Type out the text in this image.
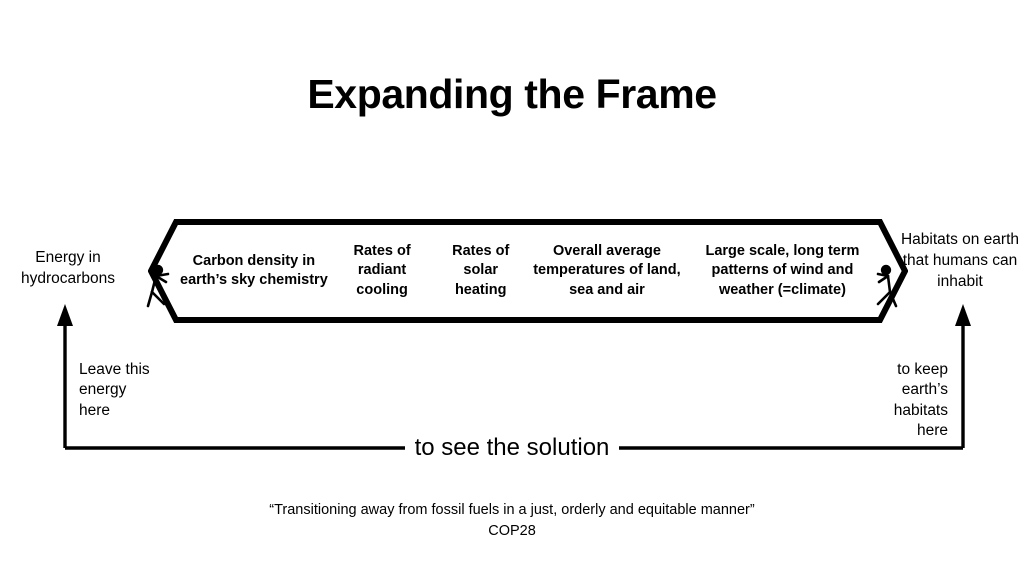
Expanding the Frame
Carbon density in earth’s sky chemistry
Rates of radiant cooling
Rates of solar heating
Overall average temperatures of land, sea and air
Large scale, long term patterns of wind and weather (=climate)
Energy in hydrocarbons
Habitats on earth that humans can inhabit
Leave this energy here
to keep earth’s habitats here
to see the solution
“Transitioning away from fossil fuels in a just, orderly and equitable manner”
COP28
